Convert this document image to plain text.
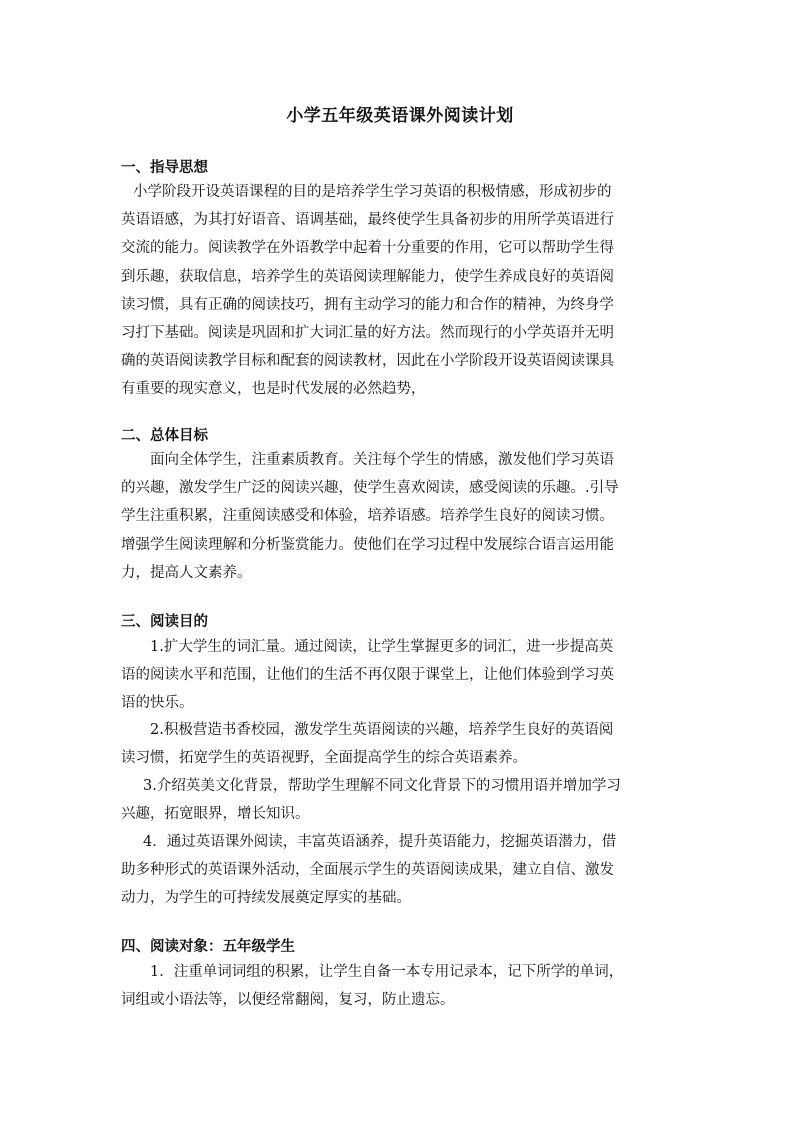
小学五年级英语课外阅读计划
一、指导思想
小学阶段开设英语课程的目的是培养学生学习英语的积极情感，形成初步的
英语语感，为其打好语音、语调基础，最终使学生具备初步的用所学英语进行
交流的能力。阅读教学在外语教学中起着十分重要的作用，它可以帮助学生得
到乐趣，获取信息，培养学生的英语阅读理解能力，使学生养成良好的英语阅
读习惯，具有正确的阅读技巧，拥有主动学习的能力和合作的精神，为终身学
习打下基础。阅读是巩固和扩大词汇量的好方法。然而现行的小学英语并无明
确的英语阅读教学目标和配套的阅读教材，因此在小学阶段开设英语阅读课具
有重要的现实意义，也是时代发展的必然趋势，
二、总体目标
面向全体学生，注重素质教育。关注每个学生的情感，激发他们学习英语
的兴趣，激发学生广泛的阅读兴趣，使学生喜欢阅读，感受阅读的乐趣。.引导
学生注重积累，注重阅读感受和体验，培养语感。培养学生良好的阅读习惯。
增强学生阅读理解和分析鉴赏能力。使他们在学习过程中发展综合语言运用能
力，提高人文素养。
三、阅读目的
1.扩大学生的词汇量。通过阅读，让学生掌握更多的词汇，进一步提高英
语的阅读水平和范围，让他们的生活不再仅限于课堂上，让他们体验到学习英
语的快乐。
2.积极营造书香校园，激发学生英语阅读的兴趣，培养学生良好的英语阅
读习惯，拓宽学生的英语视野，全面提高学生的综合英语素养。
3.介绍英美文化背景，帮助学生理解不同文化背景下的习惯用语并增加学习
兴趣，拓宽眼界，增长知识。
4．通过英语课外阅读，丰富英语涵养，提升英语能力，挖掘英语潜力，借
助多种形式的英语课外活动，全面展示学生的英语阅读成果，建立自信、激发
动力，为学生的可持续发展奠定厚实的基础。
四、阅读对象：五年级学生
1．注重单词词组的积累，让学生自备一本专用记录本，记下所学的单词，
词组或小语法等，以便经常翻阅，复习，防止遗忘。
